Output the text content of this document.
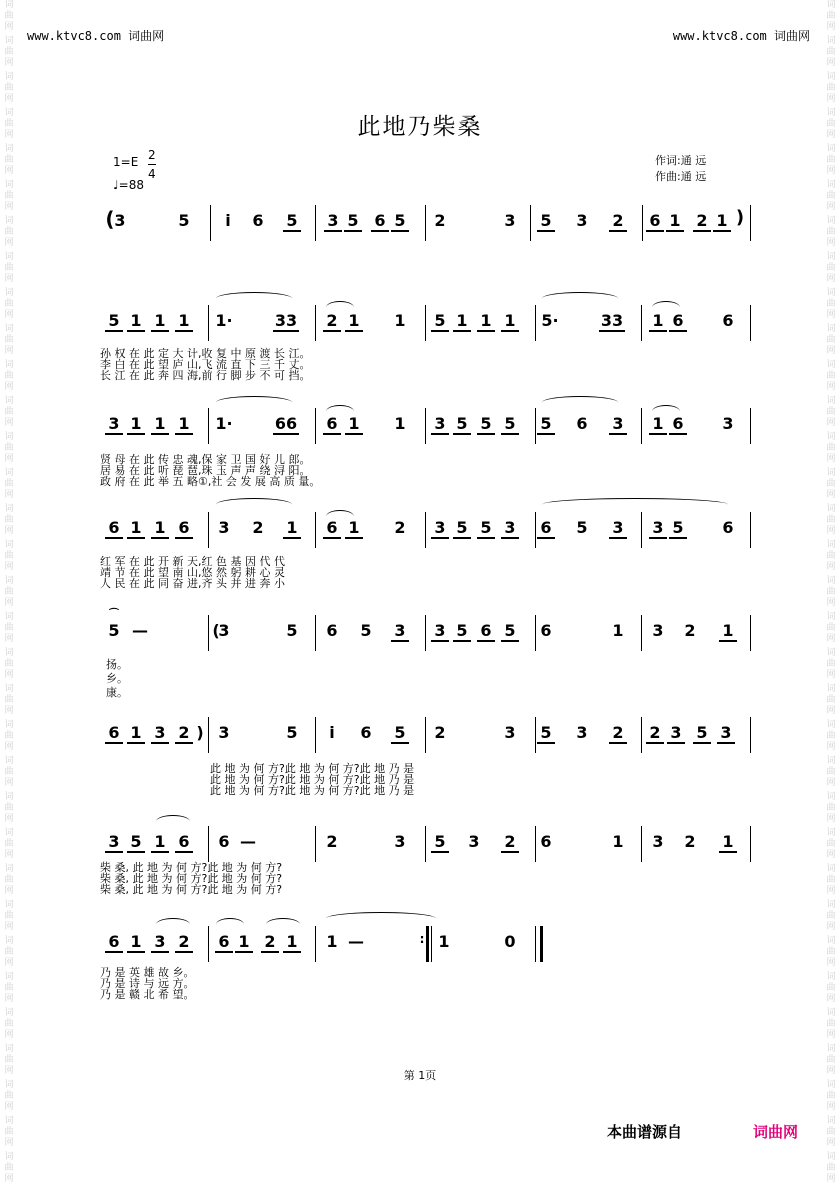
词曲网
词曲网
词曲网
词曲网
词曲网
词曲网
词曲网
词曲网
词曲网
词曲网
词曲网
词曲网
词曲网
词曲网
词曲网
词曲网
词曲网
词曲网
词曲网
词曲网
词曲网
词曲网
词曲网
词曲网
词曲网
词曲网
词曲网
词曲网
词曲网
词曲网
词曲网
词曲网
词曲网
词曲网
词曲网
词曲网
词曲网
词曲网
词曲网
词曲网
词曲网
词曲网
词曲网
词曲网
词曲网
词曲网
词曲网
词曲网
词曲网
词曲网
词曲网
词曲网
词曲网
词曲网
词曲网
词曲网
词曲网
词曲网
词曲网
词曲网
词曲网
词曲网
词曲网
词曲网
词曲网
词曲网
www.ktvc8.com 词曲网	www.ktvc8.com 词曲网
此地乃柴桑
$1=E \frac{2}{4}$
♩=88
作词:通 远
作曲:通 远
( 3	5	i	6 5 3 5 6 5 2	3 5 3 2 6 1 2 1 )
5 1 1 1 1·	33 2 1 1 5 1 1 1 5·	33 1 6 6
孙 权 在 此 定 大 计,收 复 中 原 渡 长 江。
李 白 在 此 望 庐 山,飞 流 直 下 三 千 丈。
长 江 在 此 奔 四 海,前 行 脚 步 不 可 挡。
3 1 1 1 1·	66 6 1 1 3 5 5 5 5 6 3 1 6 3
贤 母 在 此 传 忠 魂,保 家 卫 国 好 儿 郎。
居 易 在 此 听 琵 琶,珠 玉 声 声 绕 浔 阳。
政 府 在 此 举 五 略①,社 会 发 展 高 质 量。
6 1 1 6 3 2 1 6 1 2 3 5 5 3 6 5 3 3 5 6
红 军 在 此 开 新 天,红 色 基 因 代 代
靖 节 在 此 望 南 山,悠 然 躬 耕 心 灵
人 民 在 此 同 奋 进,齐 头 并 进 奔 小
⌒
5 —	(
3	5 6 5 3 3 5 6 5 6	1 3 2 1
扬。
乡。
康。
6 1 3 2 ) 3	5	i	6 5 2	3 5 3 2 2 3 5 3
此 地 为 何 方?此 地 为 何 方?此 地 乃 是
此 地 为 何 方?此 地 为 何 方?此 地 乃 是
此 地 为 何 方?此 地 为 何 方?此 地 乃 是
3 5 1 6 6 —	2	3 5 3 2 6	1 3 2 1
柴 桑, 此 地 为 何 方?此 地 为 何 方?
柴 桑, 此 地 为 何 方?此 地 为 何 方?
柴 桑, 此 地 为 何 方?此 地 为 何 方?
6 1 3 2 6 1 2 1 1 —	: 1	0
乃 是 英 雄 故 乡。
乃 是 诗 与 远 方。
乃 是 赣 北 希 望。
第 1页
本曲谱源自	词曲网
